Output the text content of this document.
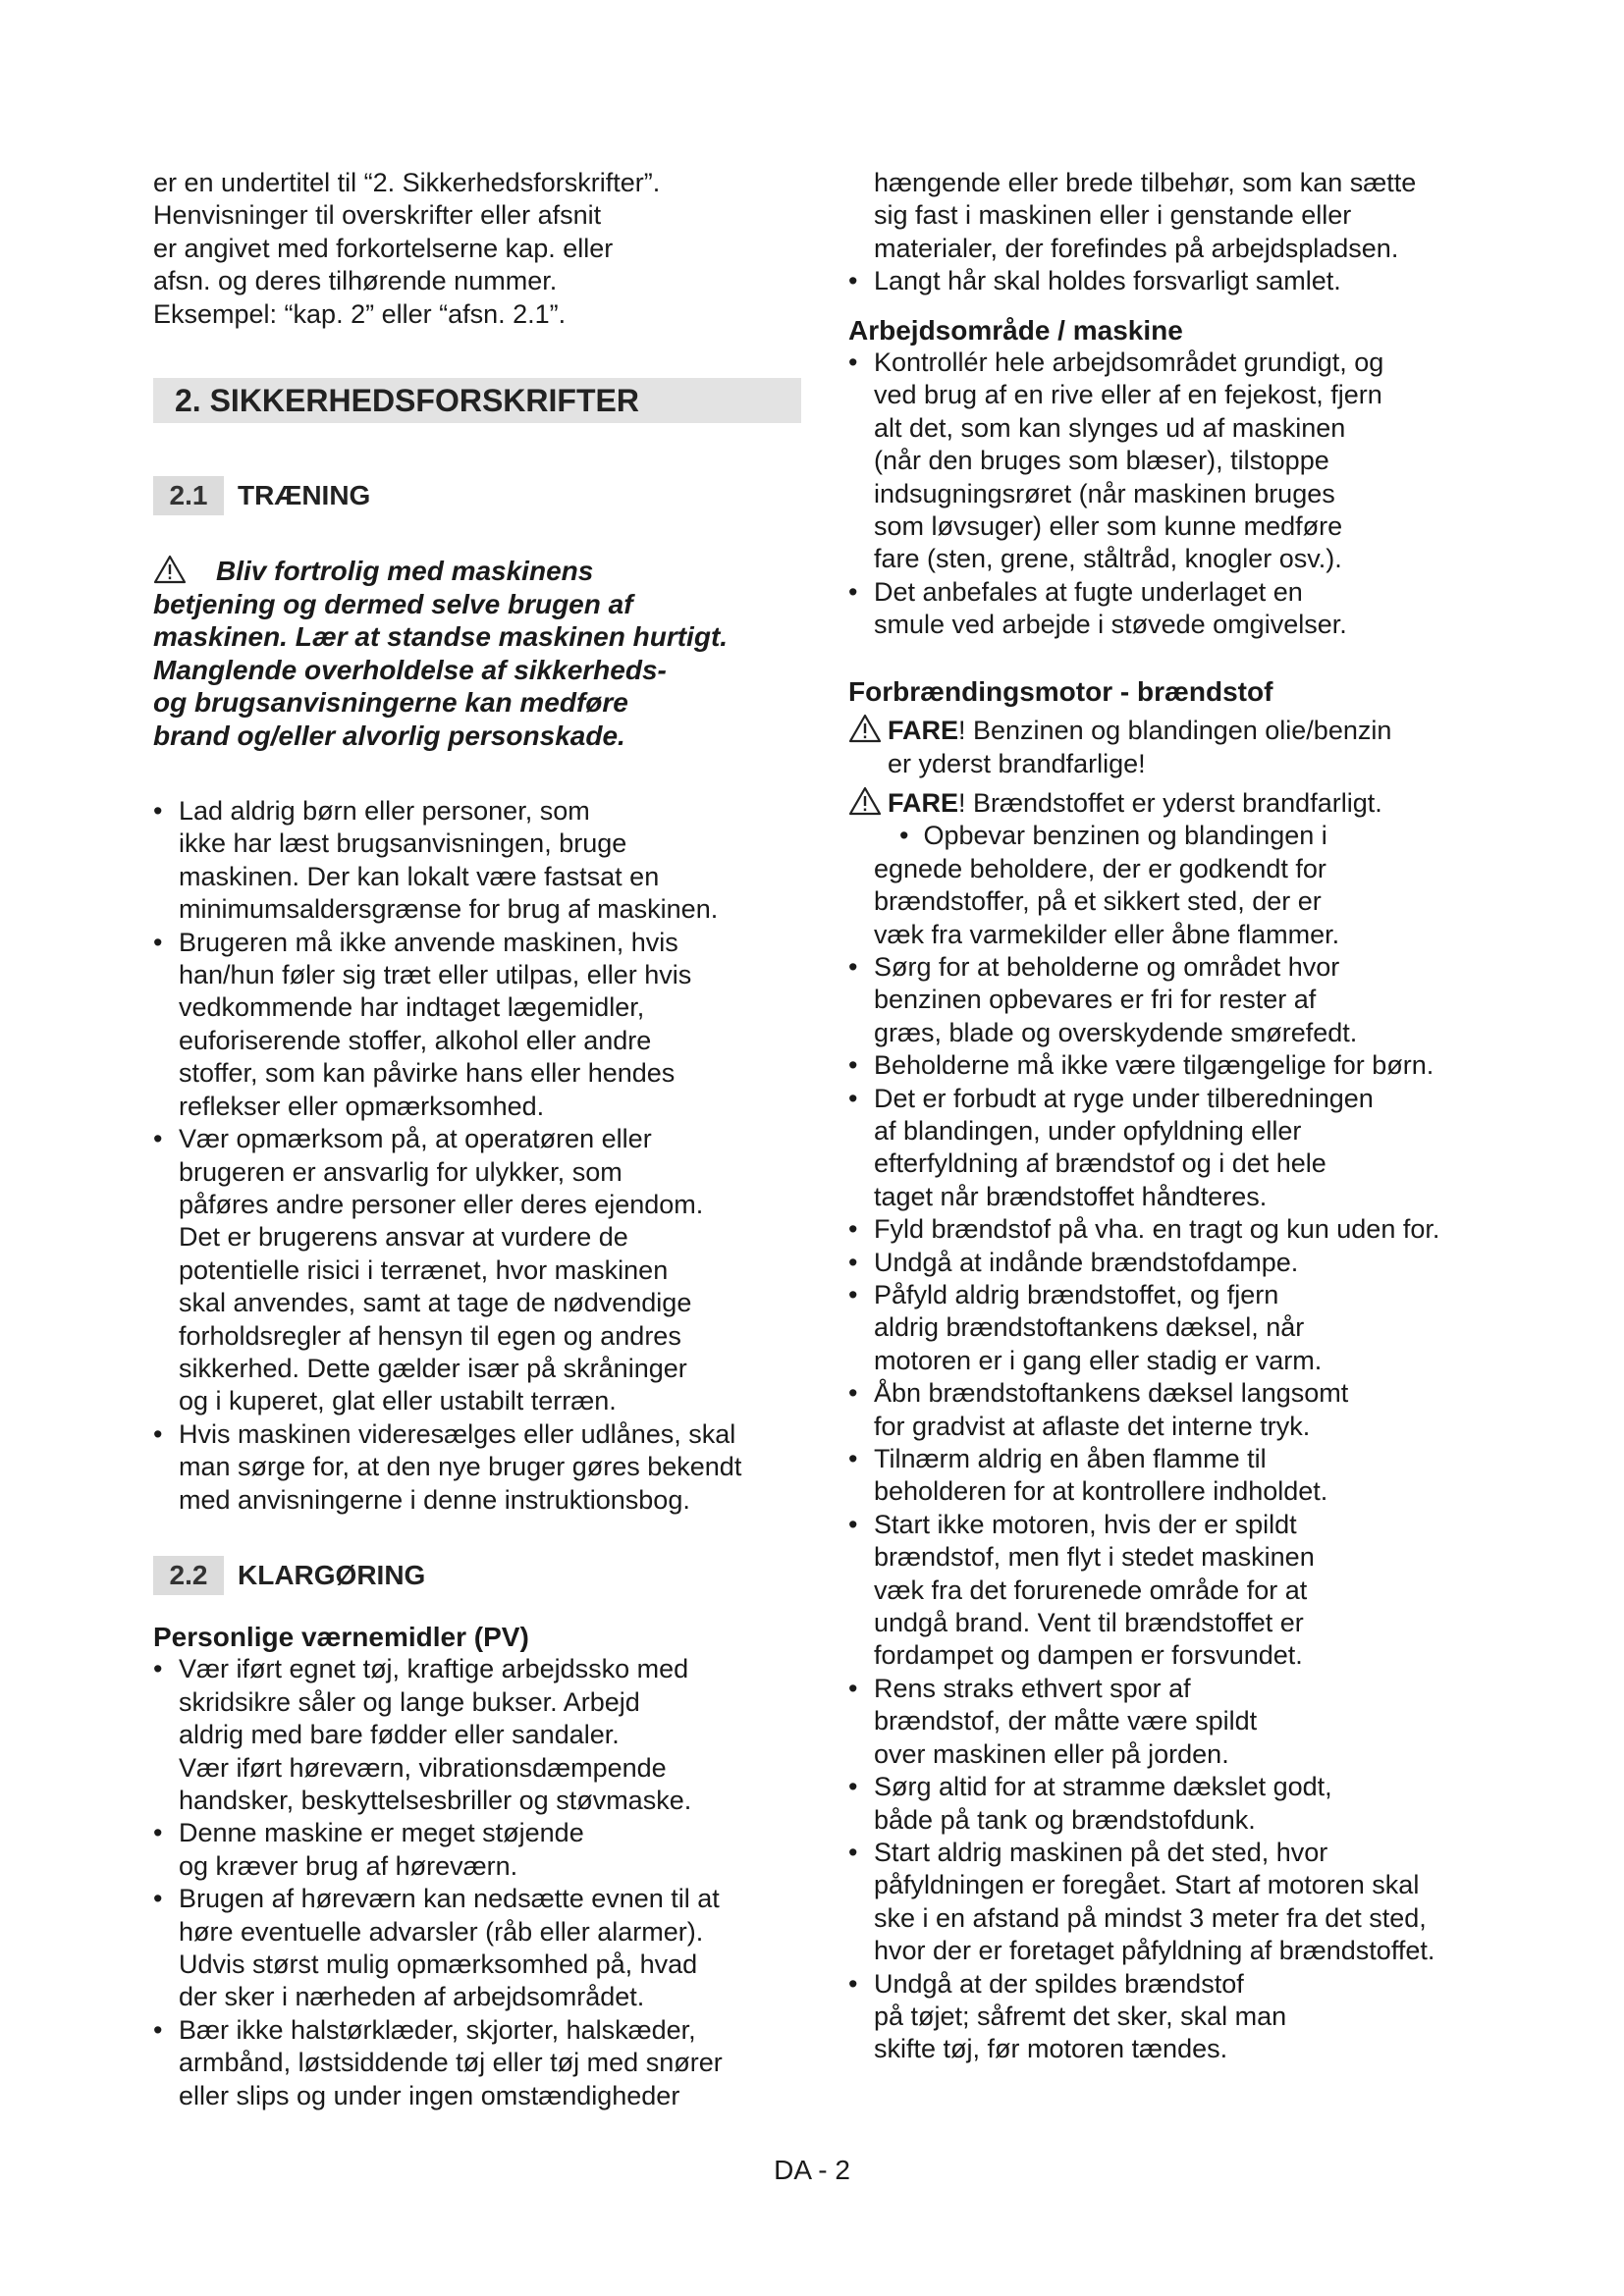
er en undertitel til “2. Sikkerhedsforskrifter”.
Henvisninger til overskrifter eller afsnit
er angivet med forkortelserne kap. eller
afsn. og deres tilhørende nummer.
Eksempel: “kap. 2” eller “afsn. 2.1”.

2. SIKKERHEDSFORSKRIFTER
2.1	TRÆNING
Bliv fortrolig med maskinens
betjening og dermed selve brugen af
maskinen. Lær at standse maskinen hurtigt.
Manglende overholdelse af sikkerheds-
og brugsanvisningerne kan medføre
brand og/eller alvorlig personskade.
• Lad aldrig børn eller personer, som
ikke har læst brugsanvisningen, bruge
maskinen. Der kan lokalt være fastsat en
minimumsaldersgrænse for brug af maskinen.
• Brugeren må ikke anvende maskinen, hvis
han/hun føler sig træt eller utilpas, eller hvis
vedkommende har indtaget lægemidler,
euforiserende stoffer, alkohol eller andre
stoffer, som kan påvirke hans eller hendes
reflekser eller opmærksomhed.
• Vær opmærksom på, at operatøren eller
brugeren er ansvarlig for ulykker, som
påføres andre personer eller deres ejendom.
Det er brugerens ansvar at vurdere de
potentielle risici i terrænet, hvor maskinen
skal anvendes, samt at tage de nødvendige
forholdsregler af hensyn til egen og andres
sikkerhed. Dette gælder især på skråninger
og i kuperet, glat eller ustabilt terræn.
• Hvis maskinen videresælges eller udlånes, skal
man sørge for, at den nye bruger gøres bekendt
med anvisningerne i denne instruktionsbog.
2.2	KLARGØRING

Personlige værnemidler (PV)

• Vær iført egnet tøj, kraftige arbejdssko med
skridsikre såler og lange bukser. Arbejd
aldrig med bare fødder eller sandaler.
Vær iført høreværn, vibrationsdæmpende
handsker, beskyttelsesbriller og støvmaske.
• Denne maskine er meget støjende
og kræver brug af høreværn.
• Brugen af høreværn kan nedsætte evnen til at
høre eventuelle advarsler (råb eller alarmer).
Udvis størst mulig opmærksomhed på, hvad
der sker i nærheden af arbejdsområdet.
• Bær ikke halstørklæder, skjorter, halskæder,
armbånd, løstsiddende tøj eller tøj med snører
eller slips og under ingen omstændigheder
hængende eller brede tilbehør, som kan sætte
sig fast i maskinen eller i genstande eller
materialer, der forefindes på arbejdspladsen.
• Langt hår skal holdes forsvarligt samlet.

Arbejdsområde / maskine

• Kontrollér hele arbejdsområdet grundigt, og
ved brug af en rive eller af en fejekost, fjern
alt det, som kan slynges ud af maskinen
(når den bruges som blæser), tilstoppe
indsugningsrøret (når maskinen bruges
som løvsuger) eller som kunne medføre
fare (sten, grene, ståltråd, knogler osv.).
• Det anbefales at fugte underlaget en
smule ved arbejde i støvede omgivelser.

Forbrændingsmotor - brændstof

FARE! Benzinen og blandingen olie/benzin
er yderst brandfarlige!
FARE! Brændstoffet er yderst brandfarligt.
•  Opbevar benzinen og blandingen i
egnede beholdere, der er godkendt for
brændstoffer, på et sikkert sted, der er
væk fra varmekilder eller åbne flammer.
• Sørg for at beholderne og området hvor
benzinen opbevares er fri for rester af
græs, blade og overskydende smørefedt.
• Beholderne må ikke være tilgængelige for børn.
• Det er forbudt at ryge under tilberedningen
af blandingen, under opfyldning eller
efterfyldning af brændstof og i det hele
taget når brændstoffet håndteres.
• Fyld brændstof på vha. en tragt og kun uden for.
• Undgå at indånde brændstofdampe.
• Påfyld aldrig brændstoffet, og fjern
aldrig brændstoftankens dæksel, når
motoren er i gang eller stadig er varm.
• Åbn brændstoftankens dæksel langsomt
for gradvist at aflaste det interne tryk.
• Tilnærm aldrig en åben flamme til
beholderen for at kontrollere indholdet.
• Start ikke motoren, hvis der er spildt
brændstof, men flyt i stedet maskinen
væk fra det forurenede område for at
undgå brand. Vent til brændstoffet er
fordampet og dampen er forsvundet.
• Rens straks ethvert spor af
brændstof, der måtte være spildt
over maskinen eller på jorden.
• Sørg altid for at stramme dækslet godt,
både på tank og brændstofdunk.
• Start aldrig maskinen på det sted, hvor
påfyldningen er foregået. Start af motoren skal
ske i en afstand på mindst 3 meter fra det sted,
hvor der er foretaget påfyldning af brændstoffet.
• Undgå at der spildes brændstof
på tøjet; såfremt det sker, skal man
skifte tøj, før motoren tændes.
DA - 2
